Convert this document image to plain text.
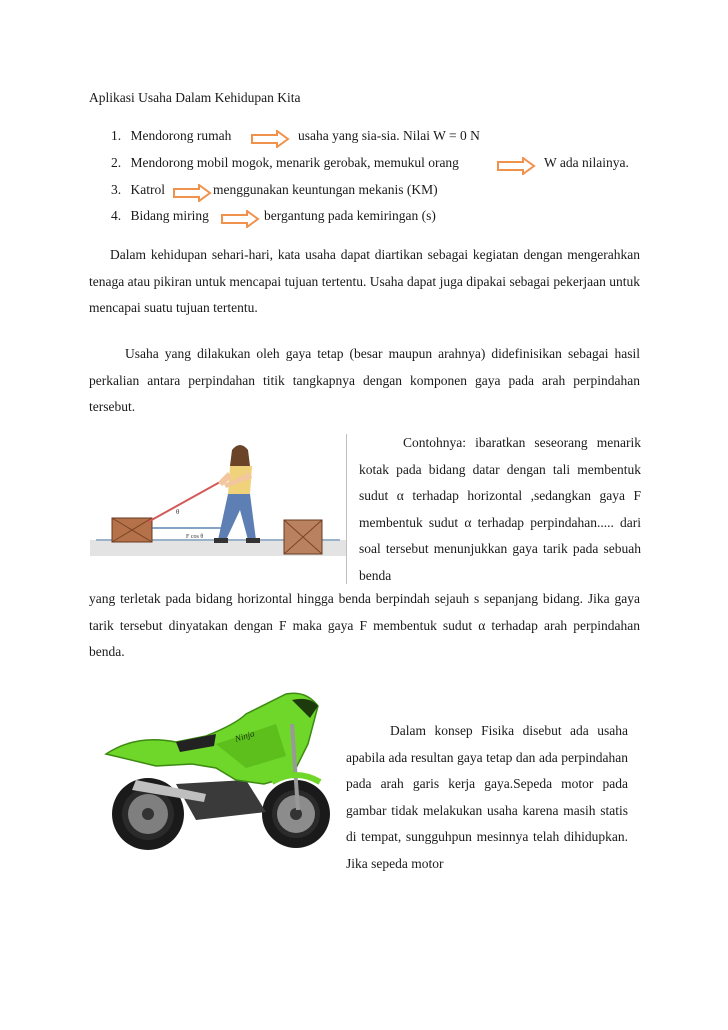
Aplikasi Usaha Dalam Kehidupan Kita
1. Mendorong rumah	usaha yang sia-sia. Nilai W = 0 N
2. Mendorong mobil mogok, menarik gerobak, memukul orang	W ada nilainya.
3. Katrol	menggunakan keuntungan mekanis (KM)
4. Bidang miring	bergantung pada kemiringan (s)
Dalam kehidupan sehari-hari, kata usaha dapat diartikan sebagai kegiatan dengan mengerahkan tenaga atau pikiran untuk mencapai tujuan tertentu. Usaha dapat juga dipakai sebagai pekerjaan untuk mencapai suatu tujuan tertentu.
Usaha yang dilakukan oleh gaya tetap (besar maupun arahnya) didefinisikan sebagai hasil perkalian antara perpindahan titik tangkapnya dengan komponen gaya pada arah perpindahan tersebut.
θ
F cos θ
Contohnya: ibaratkan seseorang menarik kotak pada bidang datar dengan tali membentuk sudut α terhadap horizontal ,sedangkan gaya F membentuk sudut α terhadap perpindahan..... dari soal tersebut menunjukkan gaya tarik pada sebuah benda
yang terletak pada bidang horizontal hingga benda berpindah sejauh s sepanjang bidang. Jika gaya tarik tersebut dinyatakan dengan F maka gaya F membentuk sudut α terhadap arah perpindahan benda.
Ninja	Dalam konsep Fisika disebut ada usaha apabila ada resultan gaya tetap dan ada perpindahan pada arah garis kerja gaya.Sepeda motor pada gambar tidak melakukan usaha karena masih statis di tempat, sungguhpun mesinnya telah dihidupkan. Jika sepeda motor
